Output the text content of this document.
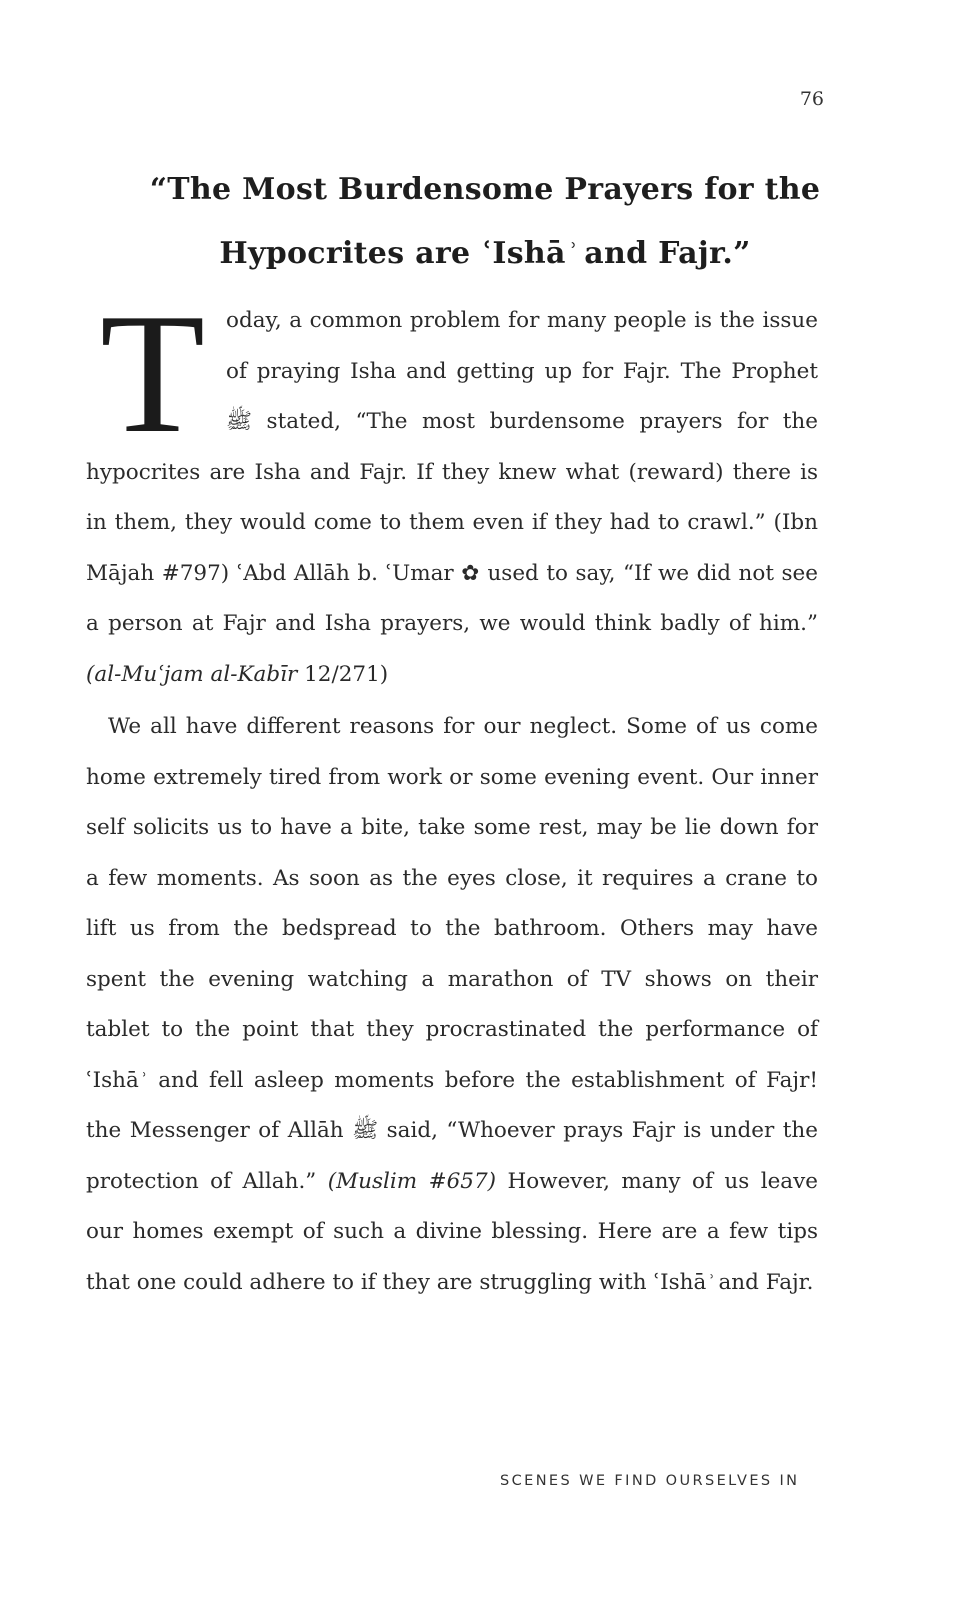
76
“The Most Burdensome Prayers for the
Hypocrites are ʿIshā ͗ and Fajr.”

Today, a common problem for many people is the issue of praying Isha and getting up for Fajr. The Prophet ﷺ stated, “The most burdensome prayers for the hypocrites are Isha and Fajr. If they knew what (reward) there is in them, they would come to them even if they had to crawl.” (Ibn Mājah #797) ʿAbd Allāh b. ʿUmar ✿ used to say, “If we did not see a person at Fajr and Isha prayers, we would think badly of him.” (al-Muʿjam al-Kabīr 12/271)

We all have different reasons for our neglect. Some of us come home extremely tired from work or some evening event. Our inner self solicits us to have a bite, take some rest, may be lie down for a few moments. As soon as the eyes close, it requires a crane to lift us from the bedspread to the bathroom. Others may have spent the evening watching a marathon of TV shows on their tablet to the point that they procrastinated the performance of ʿIshā ͗ and fell asleep moments before the establishment of Fajr! the Messenger of Allāh ﷺ said, “Whoever prays Fajr is under the protection of Allah.” (Muslim #657) However, many of us leave our homes exempt of such a divine blessing. Here are a few tips that one could adhere to if they are struggling with ʿIshā ͗ and Fajr.

SCENES WE FIND OURSELVES IN
